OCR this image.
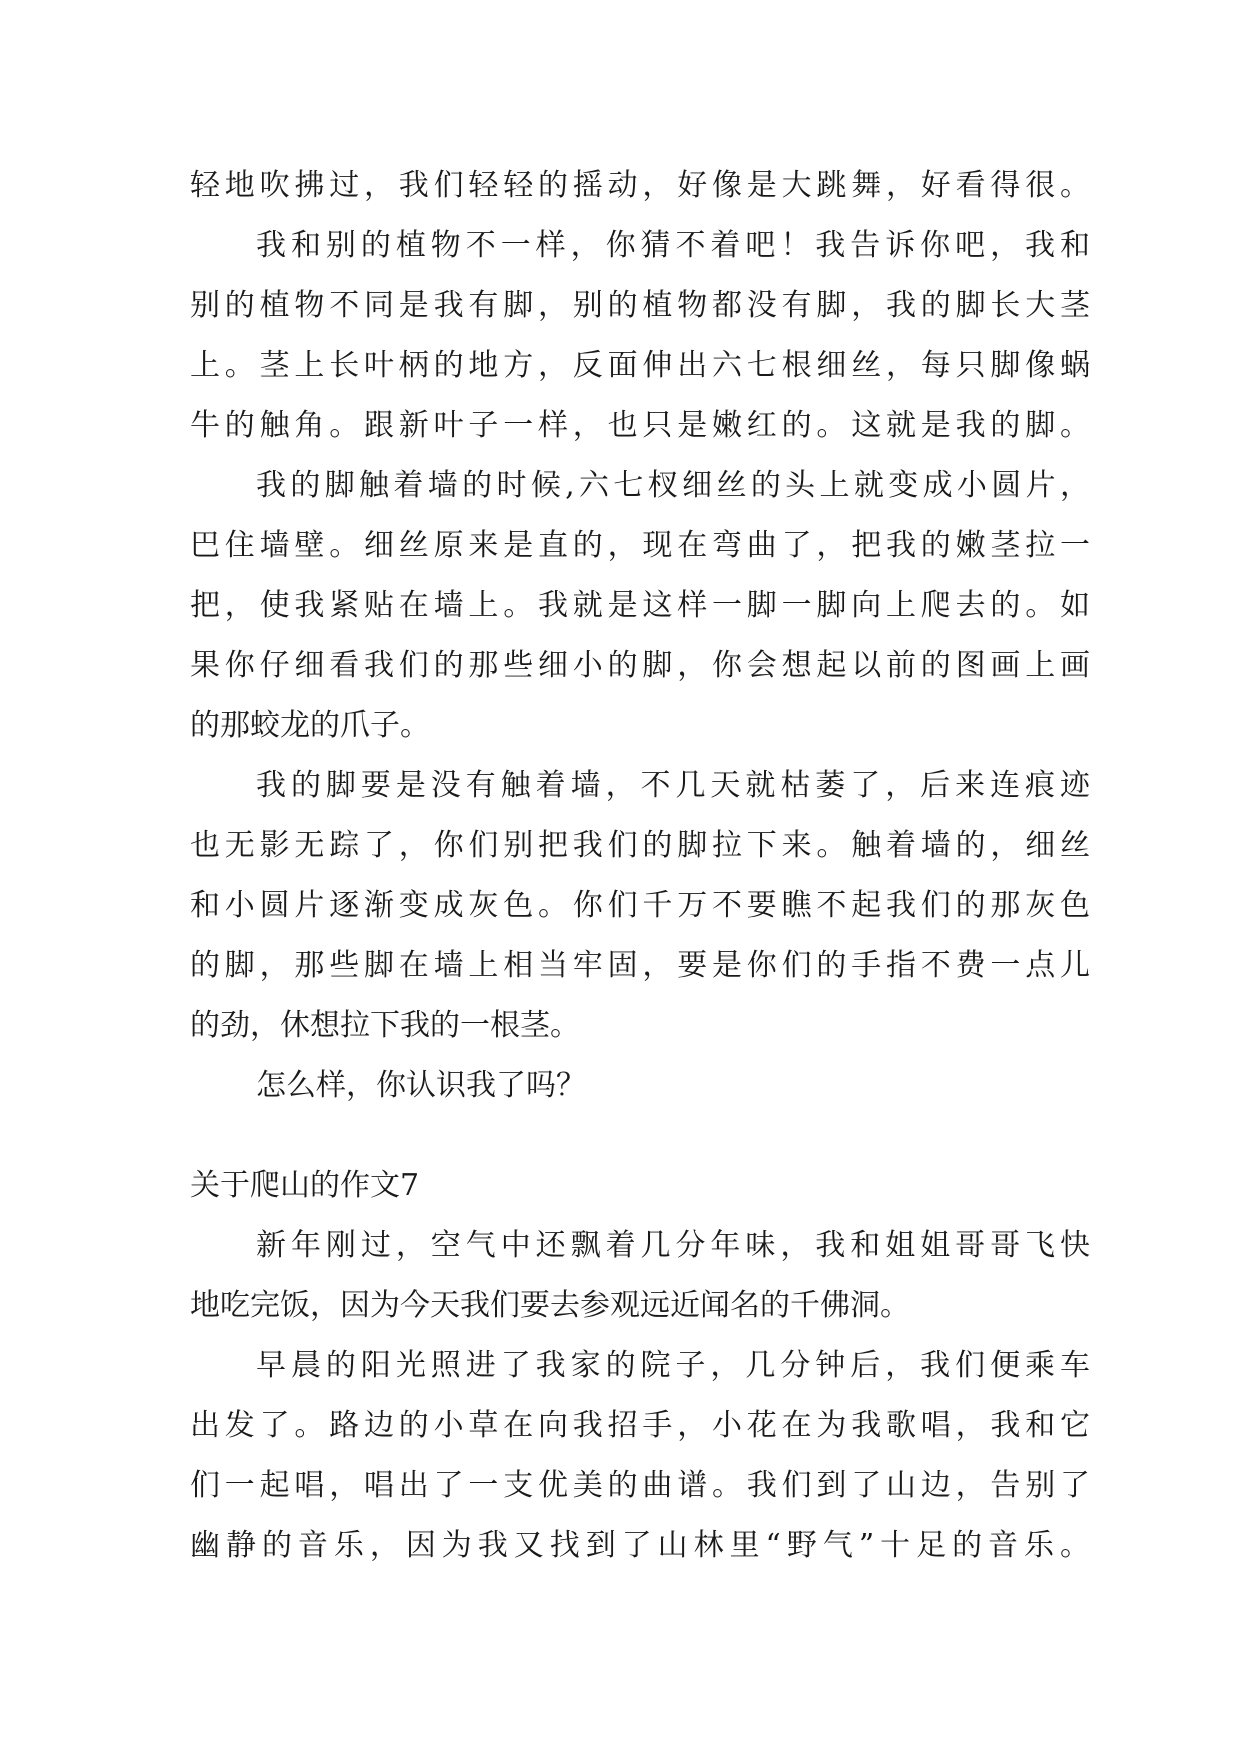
轻地吹拂过，我们轻轻的摇动，好像是大跳舞，好看得很。
我和别的植物不一样，你猜不着吧！我告诉你吧，我和
别的植物不同是我有脚，别的植物都没有脚，我的脚长大茎
上。茎上长叶柄的地方，反面伸出六七根细丝，每只脚像蜗
牛的触角。跟新叶子一样，也只是嫩红的。这就是我的脚。
我的脚触着墙的时候,六七杈细丝的头上就变成小圆片，
巴住墙壁。细丝原来是直的，现在弯曲了，把我的嫩茎拉一
把，使我紧贴在墙上。我就是这样一脚一脚向上爬去的。如
果你仔细看我们的那些细小的脚，你会想起以前的图画上画
的那蛟龙的爪子。
我的脚要是没有触着墙，不几天就枯萎了，后来连痕迹
也无影无踪了，你们别把我们的脚拉下来。触着墙的，细丝
和小圆片逐渐变成灰色。你们千万不要瞧不起我们的那灰色
的脚，那些脚在墙上相当牢固，要是你们的手指不费一点儿
的劲，休想拉下我的一根茎。
怎么样，你认识我了吗？
关于爬山的作文7
新年刚过，空气中还飘着几分年味，我和姐姐哥哥飞快
地吃完饭，因为今天我们要去参观远近闻名的千佛洞。
早晨的阳光照进了我家的院子，几分钟后，我们便乘车
出发了。路边的小草在向我招手，小花在为我歌唱，我和它
们一起唱，唱出了一支优美的曲谱。我们到了山边，告别了
幽静的音乐，因为我又找到了山林里“野气”十足的音乐。
